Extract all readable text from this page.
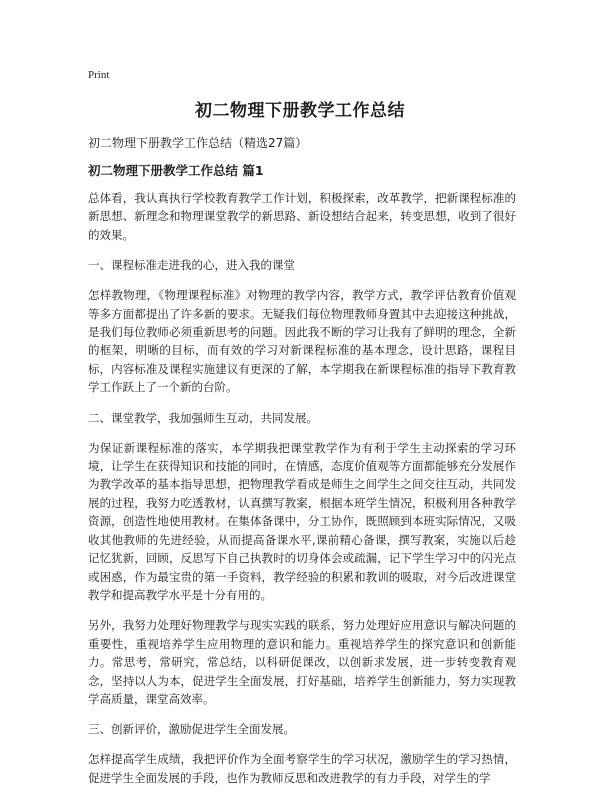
Print
初二物理下册教学工作总结

初二物理下册教学工作总结（精选27篇）

初二物理下册教学工作总结 篇1

总体看，我认真执行学校教育教学工作计划，积极探索，改革教学，把新课程标准的新思想、新理念和物理课堂教学的新思路、新设想结合起来，转变思想，收到了很好的效果。

一、课程标准走进我的心，进入我的课堂

怎样教物理，《物理课程标准》对物理的教学内容，教学方式，教学评估教育价值观等多方面都提出了许多新的要求。无疑我们每位物理教师身置其中去迎接这种挑战，是我们每位教师必须重新思考的问题。因此我不断的学习让我有了鲜明的理念，全新的框架，明晰的目标，而有效的学习对新课程标准的基本理念，设计思路，课程目标，内容标准及课程实施建议有更深的了解，本学期我在新课程标准的指导下教育教学工作跃上了一个新的台阶。

二、课堂教学，我加强师生互动，共同发展。

为保证新课程标准的落实，本学期我把课堂教学作为有利于学生主动探索的学习环境，让学生在获得知识和技能的同时，在情感，态度价值观等方面都能够充分发展作为教学改革的基本指导思想，把物理教学看成是师生之间学生之间交往互动，共同发展的过程，我努力吃透教材，认真撰写教案，根据本班学生情况，积极利用各种教学资源，创造性地使用教材。在集体备课中，分工协作，既照顾到本班实际情况，又吸收其他教师的先进经验，从而提高备课水平,课前精心备课，撰写教案，实施以后趁记忆犹新，回顾，反思写下自己执教时的切身体会或疏漏，记下学生学习中的闪光点或困惑，作为最宝贵的第一手资料，教学经验的积累和教训的吸取，对今后改进课堂教学和提高教学水平是十分有用的。

另外，我努力处理好物理教学与现实实践的联系，努力处理好应用意识与解决问题的重要性，重视培养学生应用物理的意识和能力。重视培养学生的探究意识和创新能力。常思考，常研究，常总结，以科研促课改，以创新求发展，进一步转变教育观念，坚持以人为本，促进学生全面发展，打好基础，培养学生创新能力，努力实现教学高质量，课堂高效率。

三、创新评价，激励促进学生全面发展。

怎样提高学生成绩，我把评价作为全面考察学生的学习状况，激励学生的学习热情，促进学生全面发展的手段，也作为教师反思和改进教学的有力手段，对学生的学
